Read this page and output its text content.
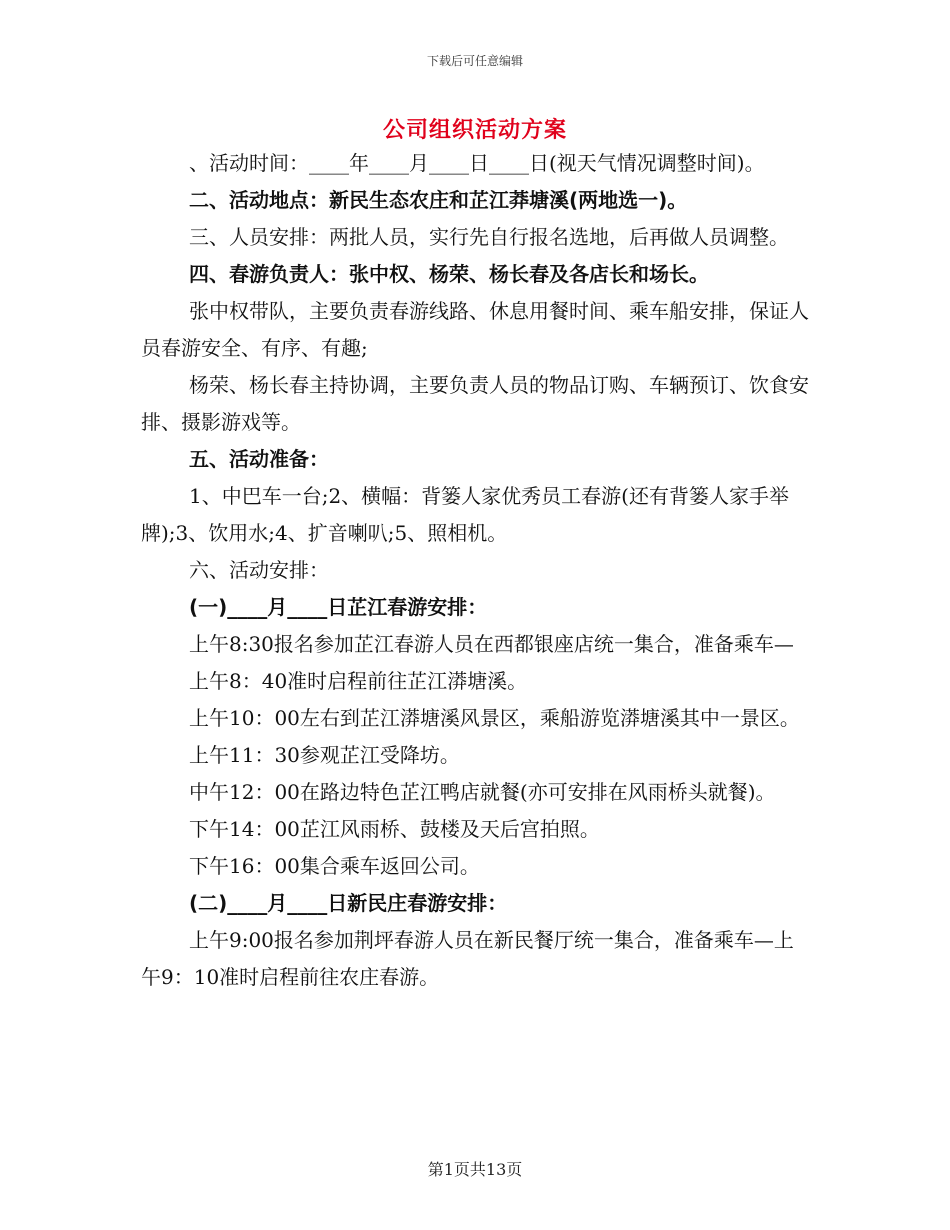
下载后可任意编辑
公司组织活动方案

、活动时间：____年____月____日____日(视天气情况调整时间)。

二、活动地点：新民生态农庄和芷江莽塘溪(两地选一)。

三、人员安排：两批人员，实行先自行报名选地，后再做人员调整。

四、春游负责人：张中权、杨荣、杨长春及各店长和场长。

张中权带队，主要负责春游线路、休息用餐时间、乘车船安排，保证人员春游安全、有序、有趣;

杨荣、杨长春主持协调，主要负责人员的物品订购、车辆预订、饮食安排、摄影游戏等。

五、活动准备：

1、中巴车一台;2、横幅：背篓人家优秀员工春游(还有背篓人家手举牌);3、饮用水;4、扩音喇叭;5、照相机。

六、活动安排：

(一)____月____日芷江春游安排：

上午8:30报名参加芷江春游人员在西都银座店统一集合，准备乘车—

上午8：40准时启程前往芷江漭塘溪。

上午10：00左右到芷江漭塘溪风景区，乘船游览漭塘溪其中一景区。

上午11：30参观芷江受降坊。

中午12：00在路边特色芷江鸭店就餐(亦可安排在风雨桥头就餐)。

下午14：00芷江风雨桥、鼓楼及天后宫拍照。

下午16：00集合乘车返回公司。

(二)____月____日新民庄春游安排：

上午9:00报名参加荆坪春游人员在新民餐厅统一集合，准备乘车—上午9：10准时启程前往农庄春游。

第1页共13页
